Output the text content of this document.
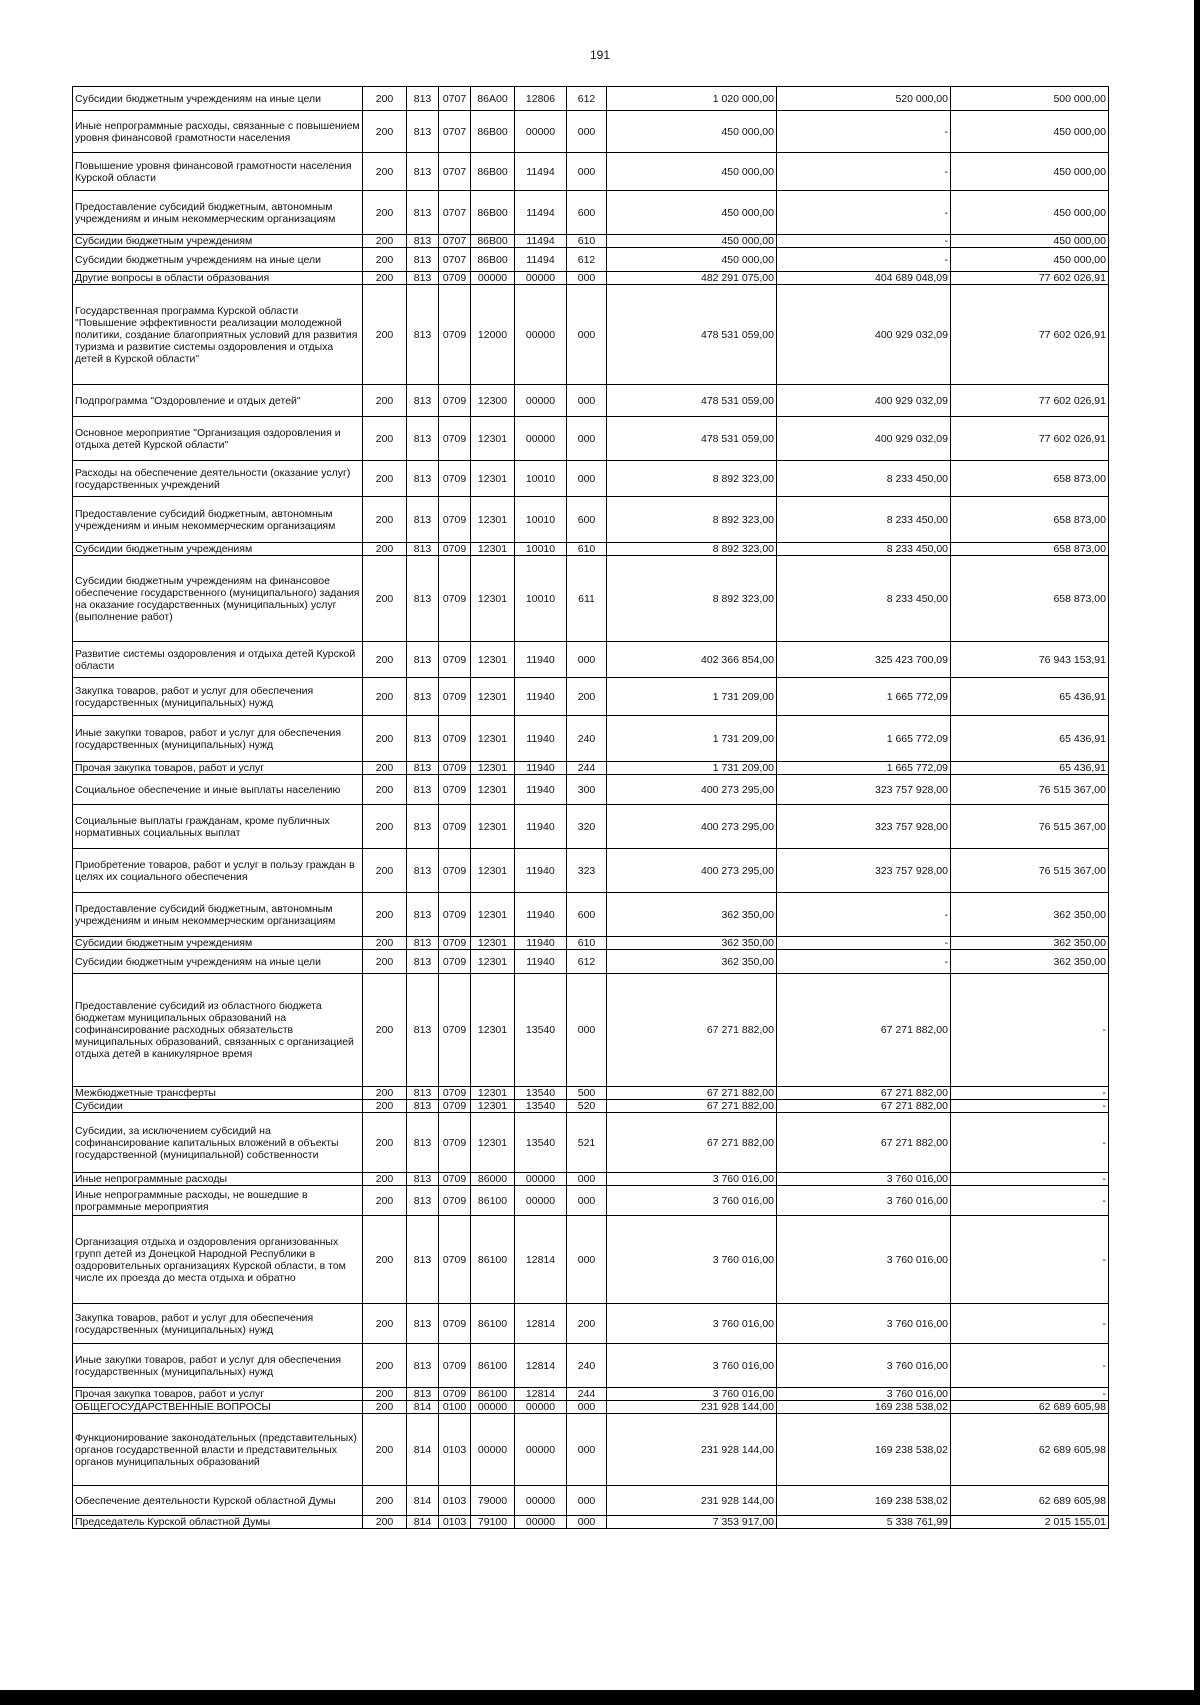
191
Субсидии бюджетным учреждениям на иные цели	200	813	0707	86А00	12806	612	1 020 000,00	520 000,00	500 000,00
Иные непрограммные расходы, связанные с повышением уровня финансовой грамотности населения	200	813	0707	86В00	00000	000	450 000,00	-	450 000,00
Повышение уровня финансовой грамотности населения Курской области	200	813	0707	86В00	11494	000	450 000,00	-	450 000,00
Предоставление субсидий бюджетным, автономным учреждениям и иным некоммерческим организациям	200	813	0707	86В00	11494	600	450 000,00	-	450 000,00
Субсидии бюджетным учреждениям	200	813	0707	86В00	11494	610	450 000,00	-	450 000,00
Субсидии бюджетным учреждениям на иные цели	200	813	0707	86В00	11494	612	450 000,00	-	450 000,00
Другие вопросы в области образования	200	813	0709	00000	00000	000	482 291 075,00	404 689 048,09	77 602 026,91
Государственная программа Курской области "Повышение эффективности реализации молодежной политики, создание благоприятных условий для развития туризма и развитие системы оздоровления и отдыха детей в Курской области"	200	813	0709	12000	00000	000	478 531 059,00	400 929 032,09	77 602 026,91
Подпрограмма "Оздоровление и отдых детей"	200	813	0709	12300	00000	000	478 531 059,00	400 929 032,09	77 602 026,91
Основное мероприятие "Организация оздоровления и отдыха детей Курской области"	200	813	0709	12301	00000	000	478 531 059,00	400 929 032,09	77 602 026,91
Расходы на обеспечение деятельности (оказание услуг) государственных учреждений	200	813	0709	12301	10010	000	8 892 323,00	8 233 450,00	658 873,00
Предоставление субсидий бюджетным, автономным учреждениям и иным некоммерческим организациям	200	813	0709	12301	10010	600	8 892 323,00	8 233 450,00	658 873,00
Субсидии бюджетным учреждениям	200	813	0709	12301	10010	610	8 892 323,00	8 233 450,00	658 873,00
Субсидии бюджетным учреждениям на финансовое обеспечение государственного (муниципального) задания на оказание государственных (муниципальных) услуг (выполнение работ)	200	813	0709	12301	10010	611	8 892 323,00	8 233 450,00	658 873,00
Развитие системы оздоровления и отдыха детей Курской области	200	813	0709	12301	11940	000	402 366 854,00	325 423 700,09	76 943 153,91
Закупка товаров, работ и услуг для обеспечения государственных (муниципальных) нужд	200	813	0709	12301	11940	200	1 731 209,00	1 665 772,09	65 436,91
Иные закупки товаров, работ и услуг для обеспечения государственных (муниципальных) нужд	200	813	0709	12301	11940	240	1 731 209,00	1 665 772,09	65 436,91
Прочая закупка товаров, работ и услуг	200	813	0709	12301	11940	244	1 731 209,00	1 665 772,09	65 436,91
Социальное обеспечение и иные выплаты населению	200	813	0709	12301	11940	300	400 273 295,00	323 757 928,00	76 515 367,00
Социальные выплаты гражданам, кроме публичных нормативных социальных выплат	200	813	0709	12301	11940	320	400 273 295,00	323 757 928,00	76 515 367,00
Приобретение товаров, работ и услуг в пользу граждан в целях их социального обеспечения	200	813	0709	12301	11940	323	400 273 295,00	323 757 928,00	76 515 367,00
Предоставление субсидий бюджетным, автономным учреждениям и иным некоммерческим организациям	200	813	0709	12301	11940	600	362 350,00	-	362 350,00
Субсидии бюджетным учреждениям	200	813	0709	12301	11940	610	362 350,00	-	362 350,00
Субсидии бюджетным учреждениям на иные цели	200	813	0709	12301	11940	612	362 350,00	-	362 350,00
Предоставление субсидий из областного бюджета бюджетам муниципальных образований на софинансирование расходных обязательств муниципальных образований, связанных с организацией отдыха детей в каникулярное время	200	813	0709	12301	13540	000	67 271 882,00	67 271 882,00	-
Межбюджетные трансферты	200	813	0709	12301	13540	500	67 271 882,00	67 271 882,00	-
Субсидии	200	813	0709	12301	13540	520	67 271 882,00	67 271 882,00	-
Субсидии, за исключением субсидий на софинансирование капитальных вложений в объекты государственной (муниципальной) собственности	200	813	0709	12301	13540	521	67 271 882,00	67 271 882,00	-
Иные непрограммные расходы	200	813	0709	86000	00000	000	3 760 016,00	3 760 016,00	-
Иные непрограммные расходы, не вошедшие в программные мероприятия	200	813	0709	86100	00000	000	3 760 016,00	3 760 016,00	-
Организация отдыха и оздоровления организованных групп детей из Донецкой Народной Республики в оздоровительных организациях Курской области, в том числе их проезда до места отдыха и обратно	200	813	0709	86100	12814	000	3 760 016,00	3 760 016,00	-
Закупка товаров, работ и услуг для обеспечения государственных (муниципальных) нужд	200	813	0709	86100	12814	200	3 760 016,00	3 760 016,00	-
Иные закупки товаров, работ и услуг для обеспечения государственных (муниципальных) нужд	200	813	0709	86100	12814	240	3 760 016,00	3 760 016,00	-
Прочая закупка товаров, работ и услуг	200	813	0709	86100	12814	244	3 760 016,00	3 760 016,00	-
ОБЩЕГОСУДАРСТВЕННЫЕ ВОПРОСЫ	200	814	0100	00000	00000	000	231 928 144,00	169 238 538,02	62 689 605,98
Функционирование законодательных (представительных) органов государственной власти и представительных органов муниципальных образований	200	814	0103	00000	00000	000	231 928 144,00	169 238 538,02	62 689 605,98
Обеспечение деятельности Курской областной Думы	200	814	0103	79000	00000	000	231 928 144,00	169 238 538,02	62 689 605,98
Председатель Курской областной Думы	200	814	0103	79100	00000	000	7 353 917,00	5 338 761,99	2 015 155,01
